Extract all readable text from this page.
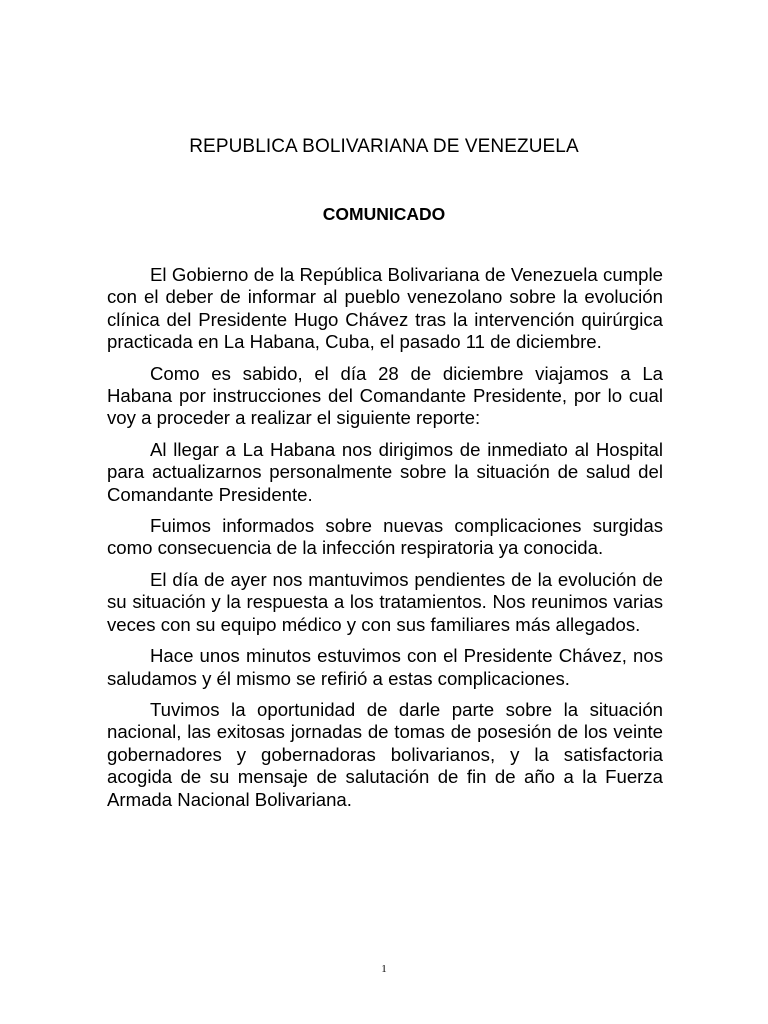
REPUBLICA BOLIVARIANA DE VENEZUELA
COMUNICADO

El Gobierno de la República Bolivariana de Venezuela cumple con el deber de informar al pueblo venezolano sobre la evolución clínica del Presidente Hugo Chávez tras la intervención quirúrgica practicada en La Habana, Cuba, el pasado 11 de diciembre.

Como es sabido, el día 28 de diciembre viajamos a La Habana por instrucciones del Comandante Presidente, por lo cual voy a proceder a realizar el siguiente reporte:

Al llegar a La Habana nos dirigimos de inmediato al Hospital para actualizarnos personalmente sobre la situación de salud del Comandante Presidente.

Fuimos informados sobre nuevas complicaciones surgidas como consecuencia de la infección respiratoria ya conocida.

El día de ayer nos mantuvimos pendientes de la evolución de su situación y la respuesta a los tratamientos. Nos reunimos varias veces con su equipo médico y con sus familiares más allegados.

Hace unos minutos estuvimos con el Presidente Chávez, nos saludamos y él mismo se refirió a estas complicaciones.

Tuvimos la oportunidad de darle parte sobre la situación nacional, las exitosas jornadas de tomas de posesión de los veinte gobernadores y gobernadoras bolivarianos, y la satisfactoria acogida de su mensaje de salutación de fin de año a la Fuerza Armada Nacional Bolivariana.

1
